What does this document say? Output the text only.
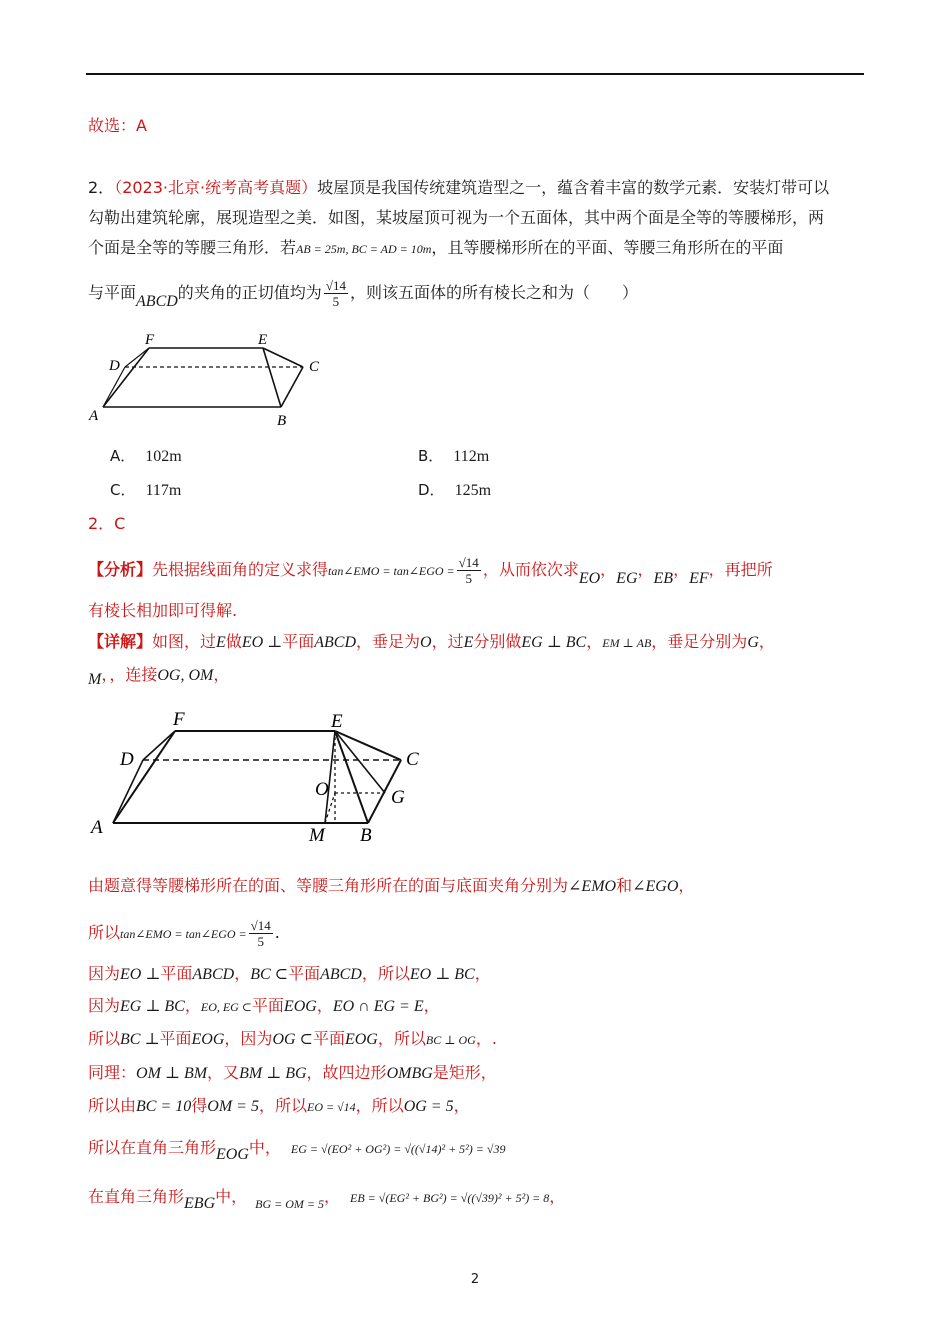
故选：A
2．（2023·北京·统考高考真题）坡屋顶是我国传统建筑造型之一，蕴含着丰富的数学元素．安装灯带可以
勾勒出建筑轮廓，展现造型之美．如图，某坡屋顶可视为一个五面体，其中两个面是全等的等腰梯形，两
个面是全等的等腰三角形．若AB = 25m, BC = AD = 10m，且等腰梯形所在的平面、等腰三角形所在的平面
与平面ABCD的夹角的正切值均为 $\frac{√14}{5}$ ，则该五面体的所有棱长之和为（　　）
F	E
D	C
A	B
A． 102m	B． 112m
C． 117m	D． 125m
2．C
【分析】先根据线面角的定义求得tan∠EMO = tan∠EGO = $\frac{√14}{5}$ ，从而依次求EO，EG，EB，EF，再把所
有棱长相加即可得解.
【详解】如图，过E做EO ⊥平面ABCD，垂足为O，过E分别做EG ⊥ BC，EM ⊥ AB，垂足分别为G，
M，，连接OG, OM，
F	E
D	C
O	G
A	M B
由题意得等腰梯形所在的面、等腰三角形所在的面与底面夹角分别为∠EMO和∠EGO，
所以tan∠EMO = tan∠EGO = $\frac{√14}{5}$ .
因为EO ⊥平面ABCD，BC ⊂平面ABCD，所以EO ⊥ BC，
因为EG ⊥ BC，EO, EG ⊂平面EOG，EO ∩ EG = E，
所以BC ⊥平面EOG，因为OG ⊂平面EOG，所以BC ⊥ OG，.
同理：OM ⊥ BM，又BM ⊥ BG，故四边形OMBG是矩形，
所以由BC = 10得OM = 5，所以EO = √14，所以OG = 5，
所以在直角三角形EOG中， EG = √(EO² + OG²) = √((√14)² + 5²) = √39
在直角三角形EBG中， $_{BG = OM = 5}$， EB = √(EG² + BG²) = √((√39)² + 5²) = 8，
2
